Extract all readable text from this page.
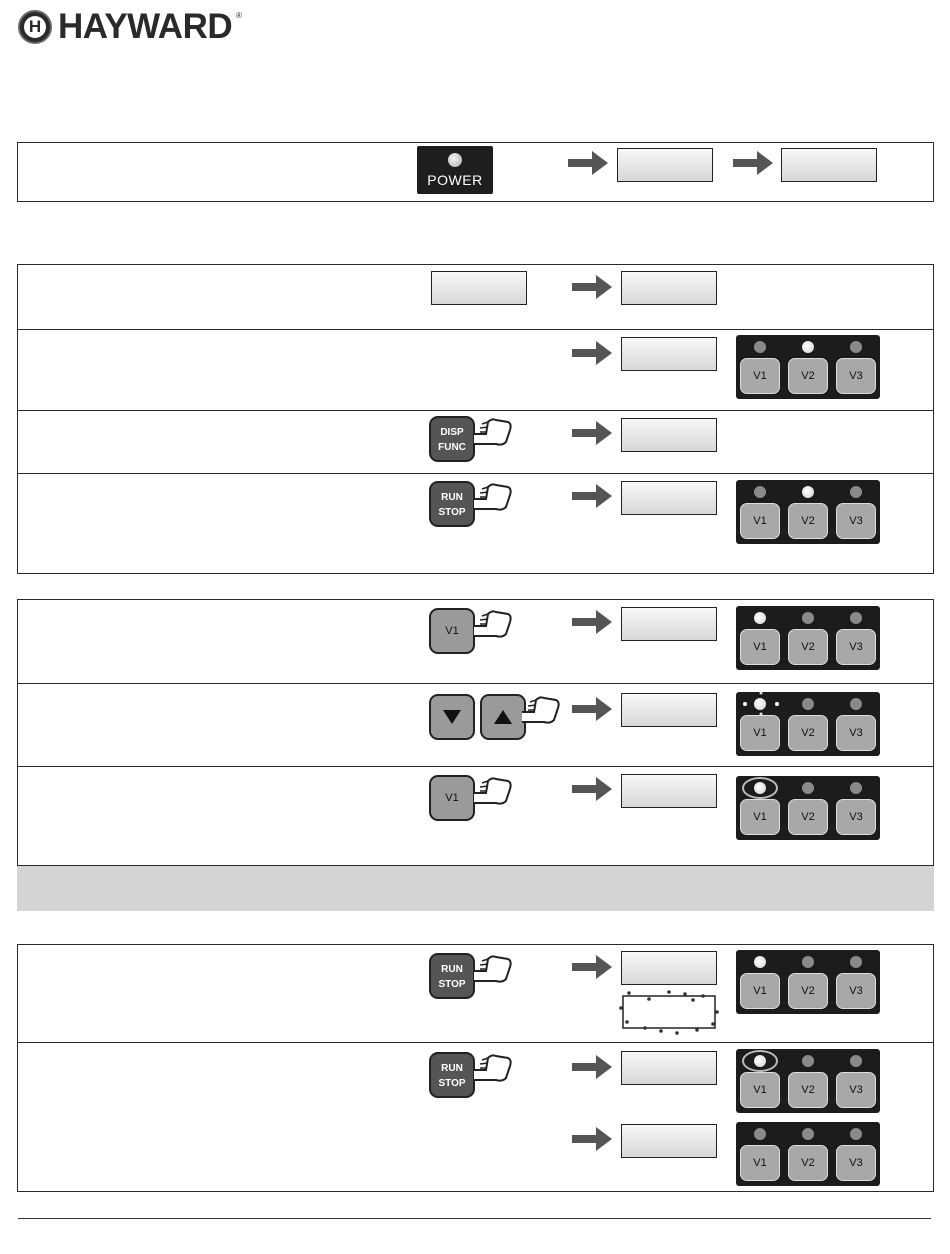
H HAYWARD ®
POWER
DISP
FUNC
RUN
STOP
V1
V1
RUN
STOP
RUN
STOP
V1	V2	V3
V1	V2	V3
V1	V2	V3
V1	V2	V3
V1	V2	V3
V1	V2	V3
V1	V2	V3
V1	V2	V3
